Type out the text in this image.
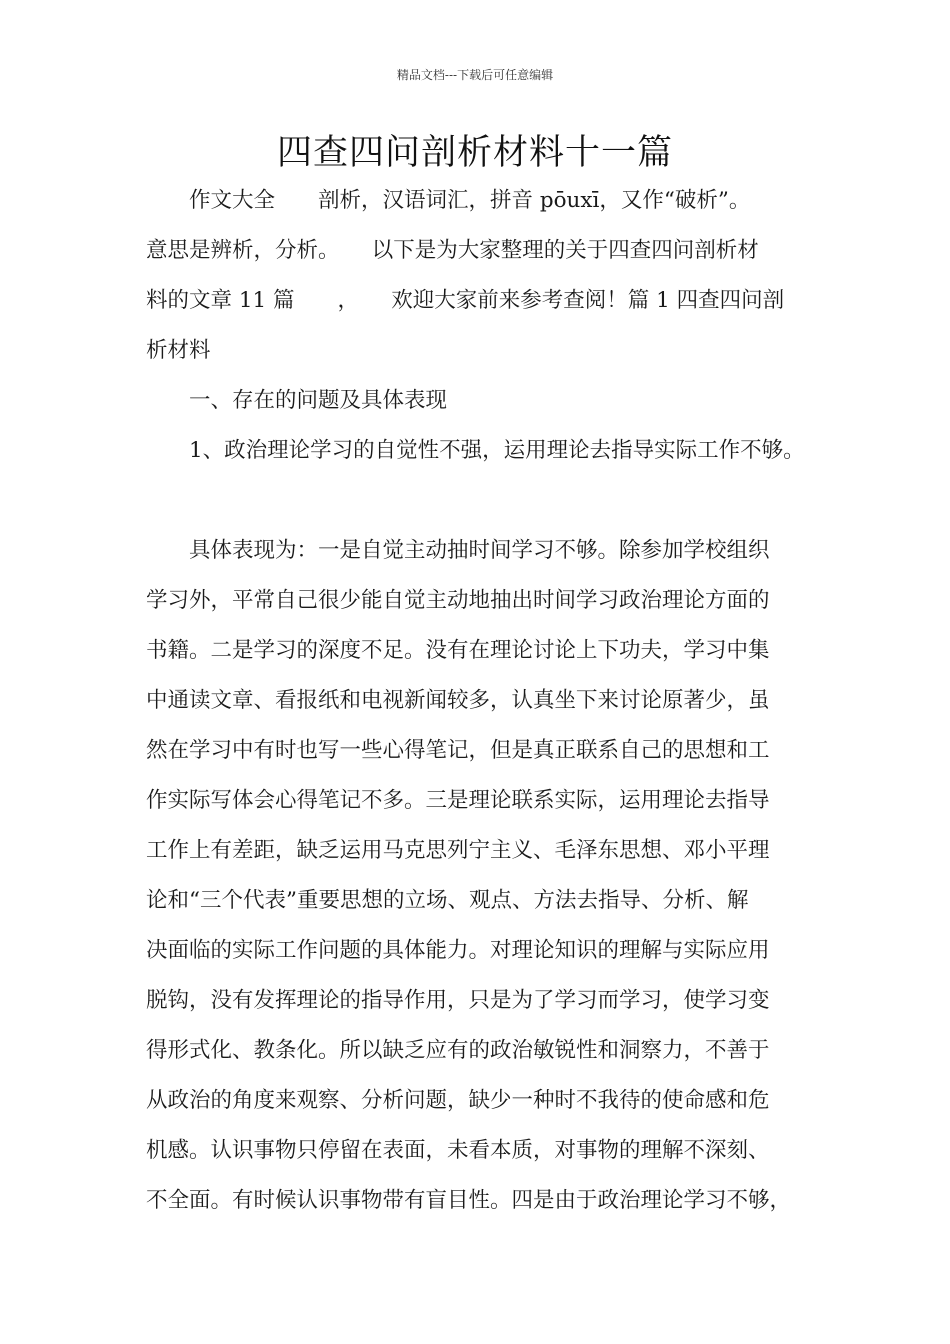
精品文档---下载后可任意编辑
四查四问剖析材料十一篇
　　作文大全　　剖析，汉语词汇，拼音 pōuxī，又作“破析”。
意思是辨析，分析。　　以下是为大家整理的关于四查四问剖析材
料的文章 11 篇　　，　　欢迎大家前来参考查阅！篇 1 四查四问剖
析材料
　　一、存在的问题及具体表现
　　1、政治理论学习的自觉性不强，运用理论去指导实际工作不够。
　　具体表现为：一是自觉主动抽时间学习不够。除参加学校组织
学习外，平常自己很少能自觉主动地抽出时间学习政治理论方面的
书籍。二是学习的深度不足。没有在理论讨论上下功夫，学习中集
中通读文章、看报纸和电视新闻较多，认真坐下来讨论原著少，虽
然在学习中有时也写一些心得笔记，但是真正联系自己的思想和工
作实际写体会心得笔记不多。三是理论联系实际，运用理论去指导
工作上有差距，缺乏运用马克思列宁主义、毛泽东思想、邓小平理
论和“三个代表”重要思想的立场、观点、方法去指导、分析、解
决面临的实际工作问题的具体能力。对理论知识的理解与实际应用
脱钩，没有发挥理论的指导作用，只是为了学习而学习，使学习变
得形式化、教条化。所以缺乏应有的政治敏锐性和洞察力，不善于
从政治的角度来观察、分析问题，缺少一种时不我待的使命感和危
机感。认识事物只停留在表面，未看本质，对事物的理解不深刻、
不全面。有时候认识事物带有盲目性。四是由于政治理论学习不够，
